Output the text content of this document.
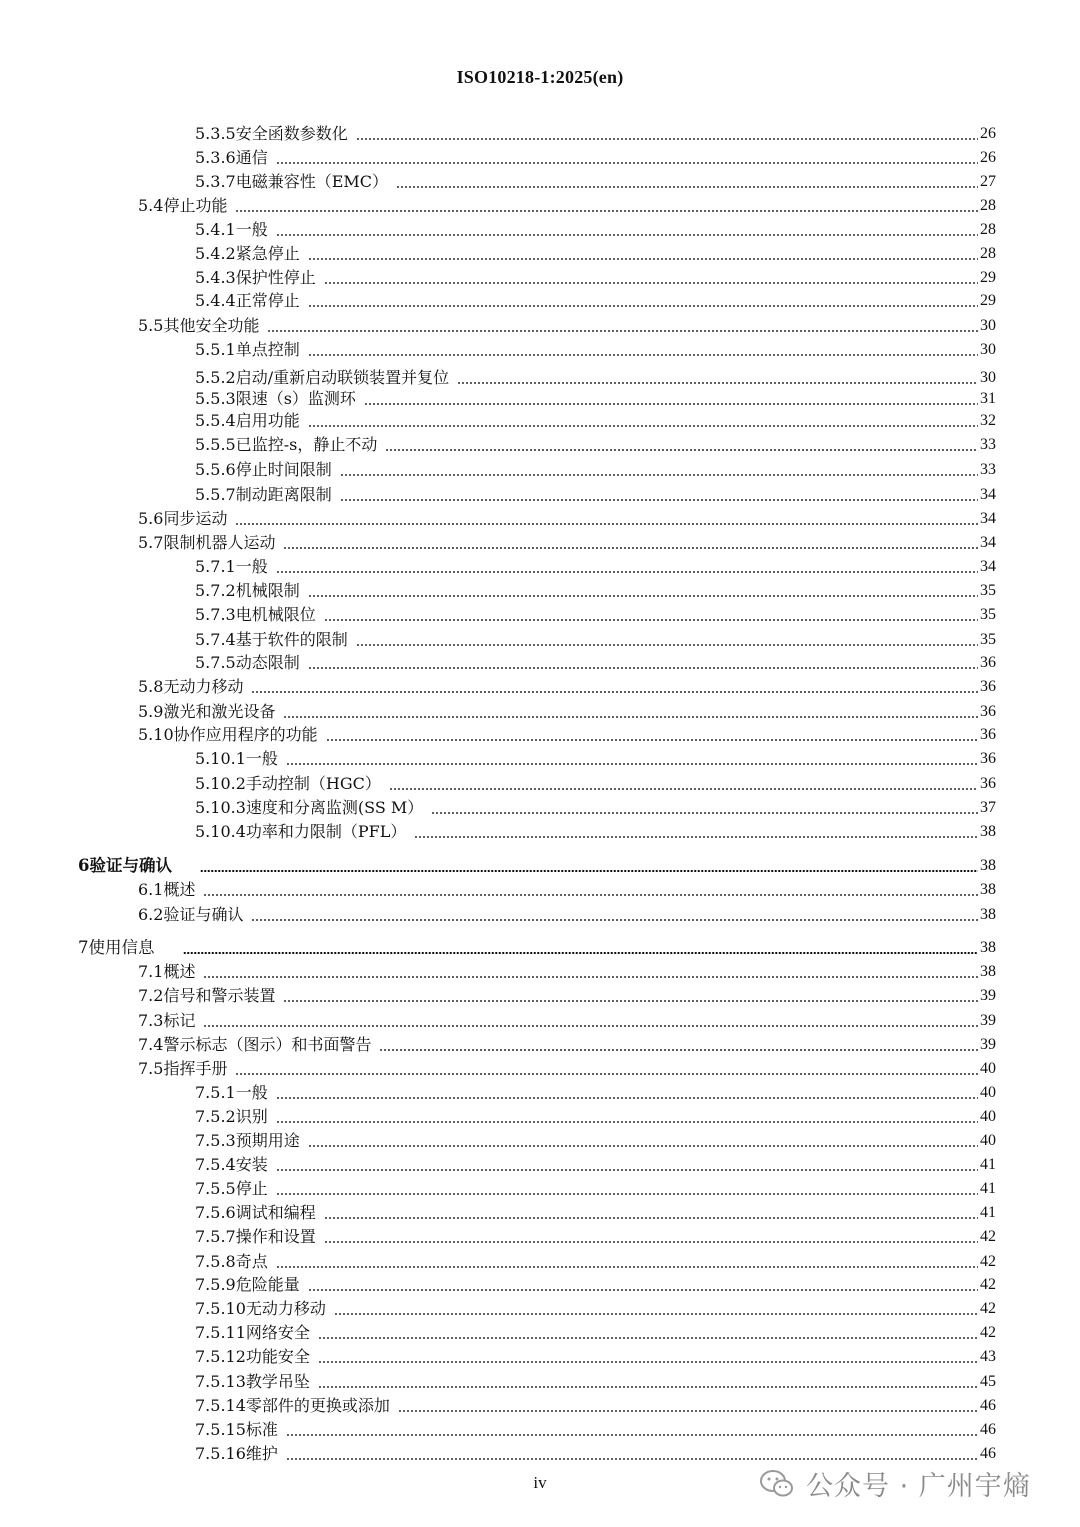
ISO10218-1:2025(en)
5.3.5安全函数参数化	26
5.3.6通信	26
5.3.7电磁兼容性（EMC）	27
5.4停止功能	28
5.4.1一般	28
5.4.2紧急停止	28
5.4.3保护性停止	29
5.4.4正常停止	29
5.5其他安全功能	30
5.5.1单点控制	30
5.5.2启动/重新启动联锁装置并复位	30
5.5.3限速（s）监测环	31
5.5.4启用功能	32
5.5.5已监控-s，静止不动	33
5.5.6停止时间限制	33
5.5.7制动距离限制	34
5.6同步运动	34
5.7限制机器人运动	34
5.7.1一般	34
5.7.2机械限制	35
5.7.3电机械限位	35
5.7.4基于软件的限制	35
5.7.5动态限制	36
5.8无动力移动	36
5.9激光和激光设备	36
5.10协作应用程序的功能	36
5.10.1一般	36
5.10.2手动控制（HGC）	36
5.10.3速度和分离监测(SS M）	37
5.10.4功率和力限制（PFL）	38
6验证与确认	38
6.1概述	38
6.2验证与确认	38
7使用信息	38
7.1概述	38
7.2信号和警示装置	39
7.3标记	39
7.4警示标志（图示）和书面警告	39
7.5指挥手册	40
7.5.1一般	40
7.5.2识别	40
7.5.3预期用途	40
7.5.4安装	41
7.5.5停止	41
7.5.6调试和编程	41
7.5.7操作和设置	42
7.5.8奇点	42
7.5.9危险能量	42
7.5.10无动力移动	42
7.5.11网络安全	42
7.5.12功能安全	43
7.5.13教学吊坠	45
7.5.14零部件的更换或添加	46
7.5.15标准	46
7.5.16维护	46
iv	公众号 · 广州宇熵
